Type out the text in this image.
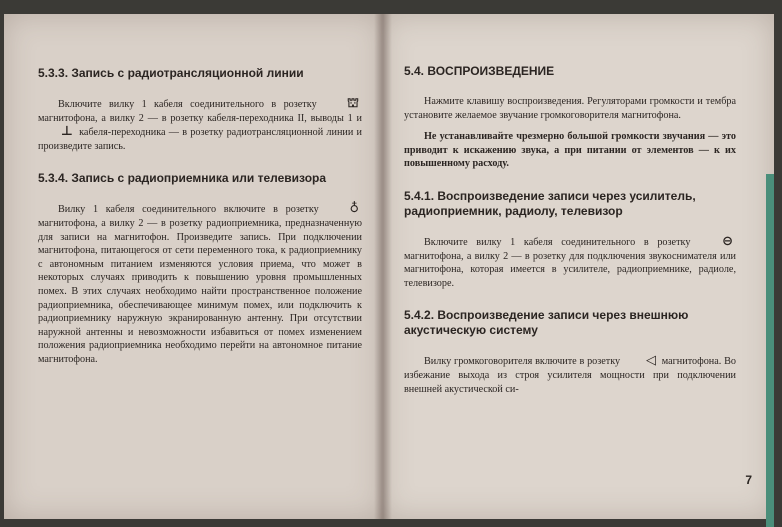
5.3.3. Запись с радиотрансляционной линии

Включите вилку 1 кабеля соединительного в розетку ⛫ магнитофона, а вилку 2 — в розетку кабеля-переходника II, выводы 1 и ⊥ кабеля-переходника — в розетку радиотрансляционной линии и произведите запись.

5.3.4. Запись с радиоприемника или телевизора

Вилку 1 кабеля соединительного включите в розетку ♁ магнитофона, а вилку 2 — в розетку радиоприемника, предназначенную для записи на магнитофон. Произведите запись. При подключении магнитофона, питающегося от сети переменного тока, к радиоприемнику с автономным питанием изменяются условия приема, что может в некоторых случаях приводить к повышению уровня промышленных помех. В этих случаях необходимо найти пространственное положение радиоприемника, обеспечивающее минимум помех, или подключить к радиоприемнику наружную экранированную антенну. При отсутствии наружной антенны и невозможности избавиться от помех изменением положения радиоприемника необходимо перейти на автономное питание магнитофона.

5.4. ВОСПРОИЗВЕДЕНИЕ

Нажмите клавишу воспроизведения. Регуляторами громкости и тембра установите желаемое звучание громкоговорителя магнитофона.

Не устанавливайте чрезмерно большой громкости звучания — это приводит к искажению звука, а при питании от элементов — к их повышенному расходу.

5.4.1. Воспроизведение записи через усилитель, радиоприемник, радиолу, телевизор

Включите вилку 1 кабеля соединительного в розетку ⊖ магнитофона, а вилку 2 — в розетку для подключения звукоснимателя или магнитофона, которая имеется в усилителе, радиоприемнике, радиоле, телевизоре.

5.4.2. Воспроизведение записи через внешнюю акустическую систему

Вилку громкоговорителя включите в розетку ◁ магнитофона. Во избежание выхода из строя усилителя мощности при подключении внешней акустической си-

7
